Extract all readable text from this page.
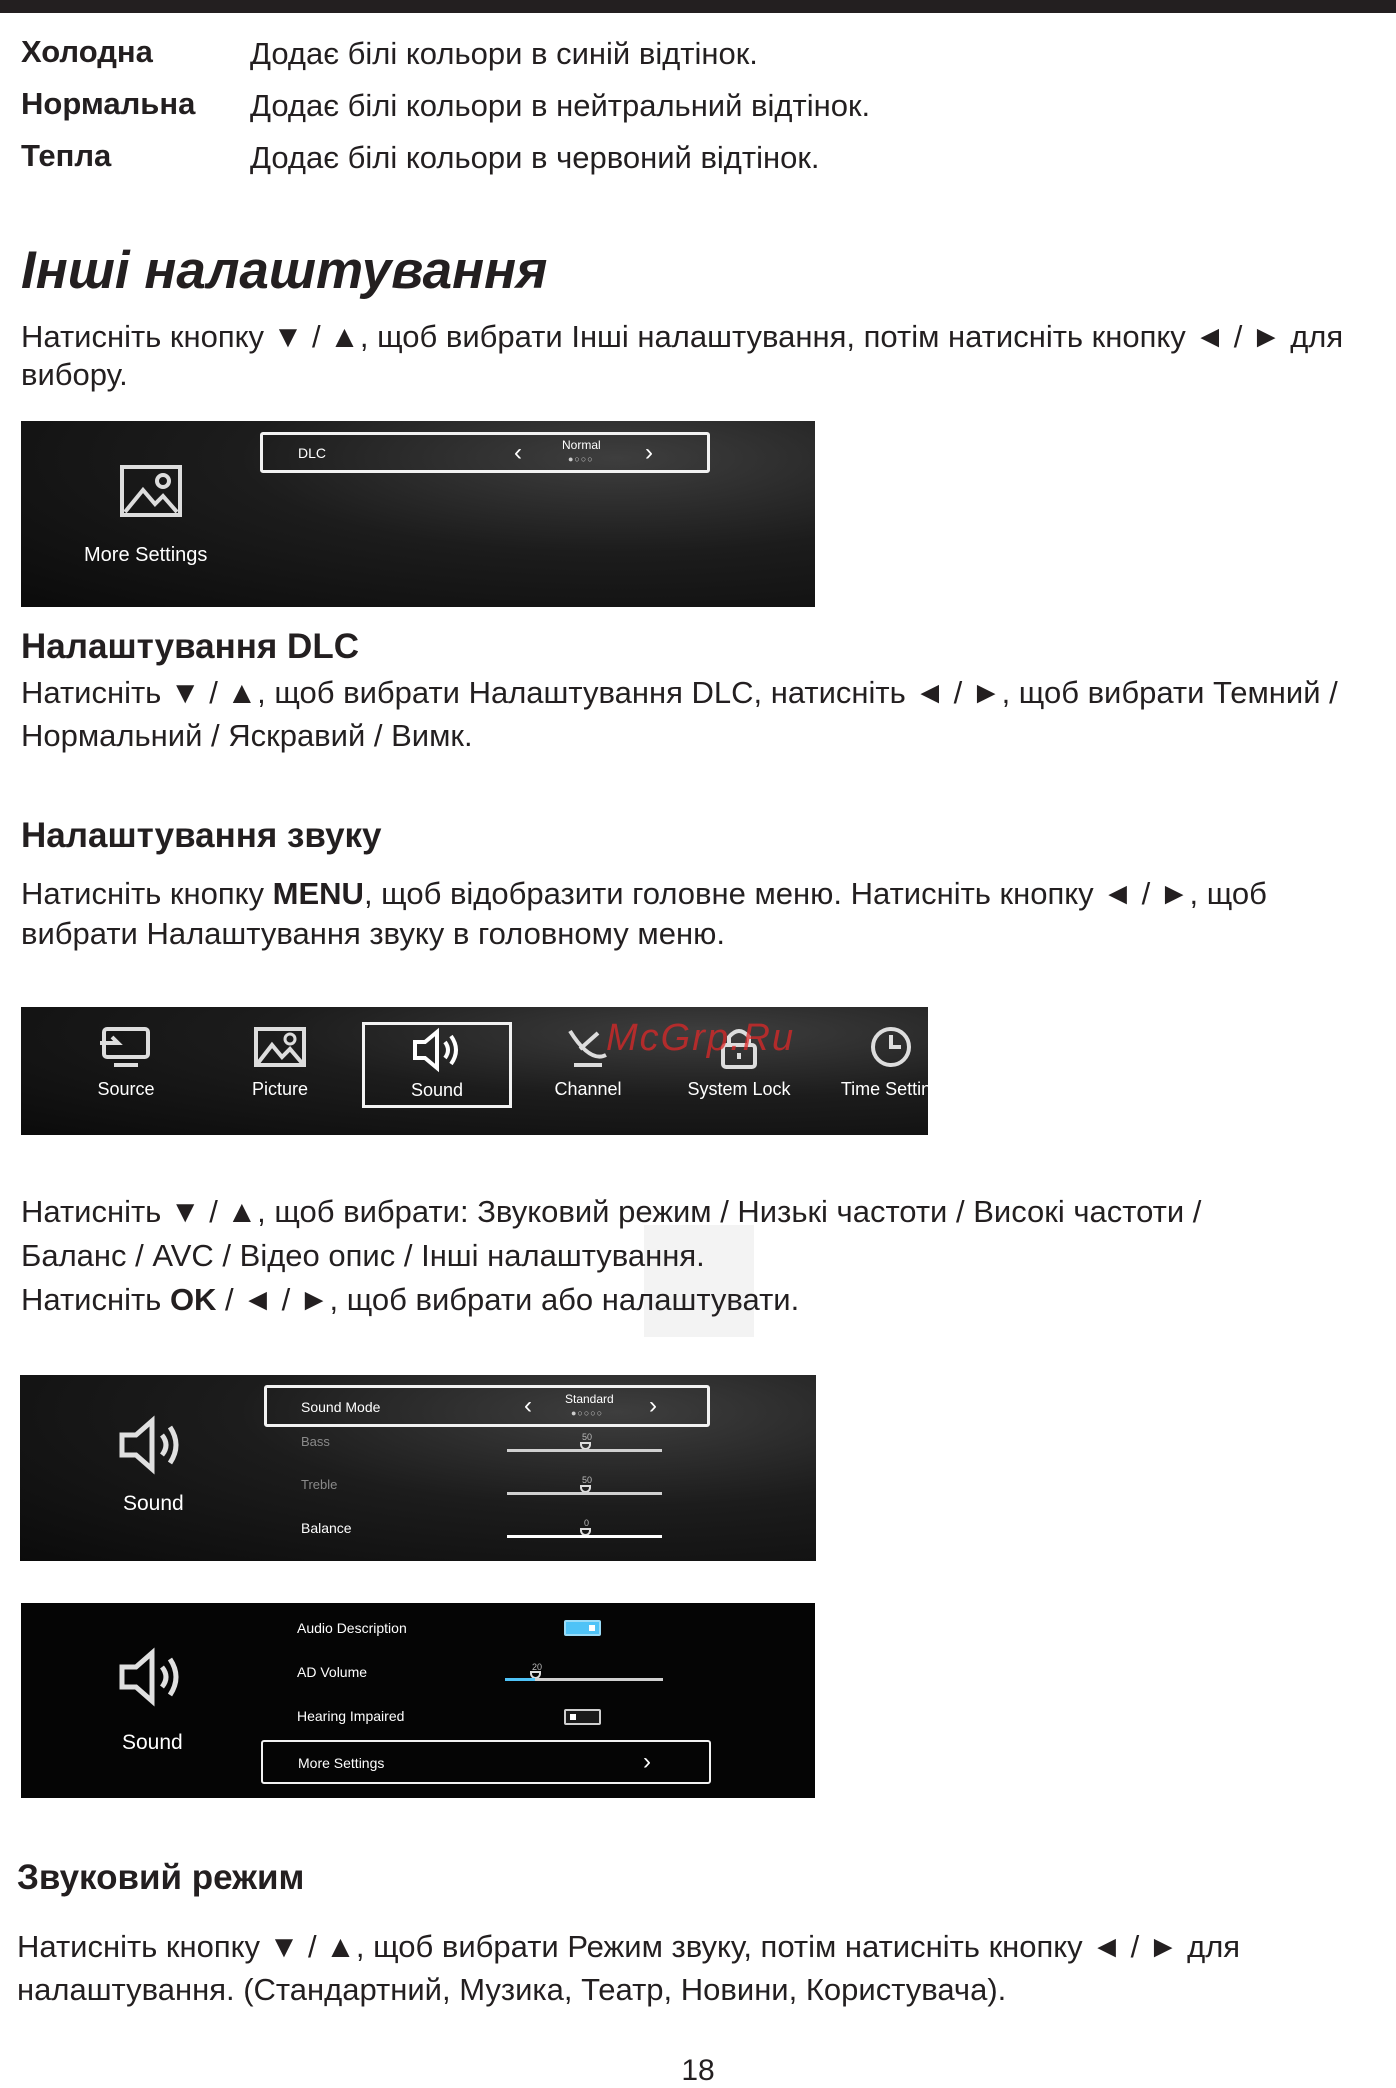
Холодна	Додає білі кольори в синій відтінок.
Нормальна Додає білі кольори в нейтральний відтінок.
Тепла	Додає білі кольори в червоний відтінок.
Інші налаштування
Натисніть кнопку ▼ / ▲, щоб вибрати Інші налаштування, потім натисніть кнопку ◄ / ► для
вибору.
More Settings
DLC	‹	Normal
●○○○ ›
Налаштування DLC
Натисніть ▼ / ▲, щоб вибрати Налаштування DLC, натисніть ◄ / ►, щоб вибрати Темний /
Нормальний / Яскравий / Вимк.
Налаштування звуку
Натисніть кнопку MENU, щоб відобразити головне меню. Натисніть кнопку ◄ / ►, щоб
вибрати Налаштування звуку в головному меню.
Source	Picture	Sound	Channel	System Lock	Time Setting
McGrp.Ru
Натисніть ▼ / ▲, щоб вибрати: Звуковий режим / Низькі частоти / Високі частоти /
Баланс / AVC / Відео опис / Інші налаштування.
Натисніть OK / ◄ / ►, щоб вибрати або налаштувати.
Sound
Sound Mode	‹	Standard
●○○○○ ›
Bass	50
Treble	50
Balance	0
Sound
Audio Description
AD Volume	20
Hearing Impaired
More Settings	›
Звуковий режим
Натисніть кнопку ▼ / ▲, щоб вибрати Режим звуку, потім натисніть кнопку ◄ / ► для
налаштування. (Стандартний, Музика, Театр, Новини, Користувача).
18
